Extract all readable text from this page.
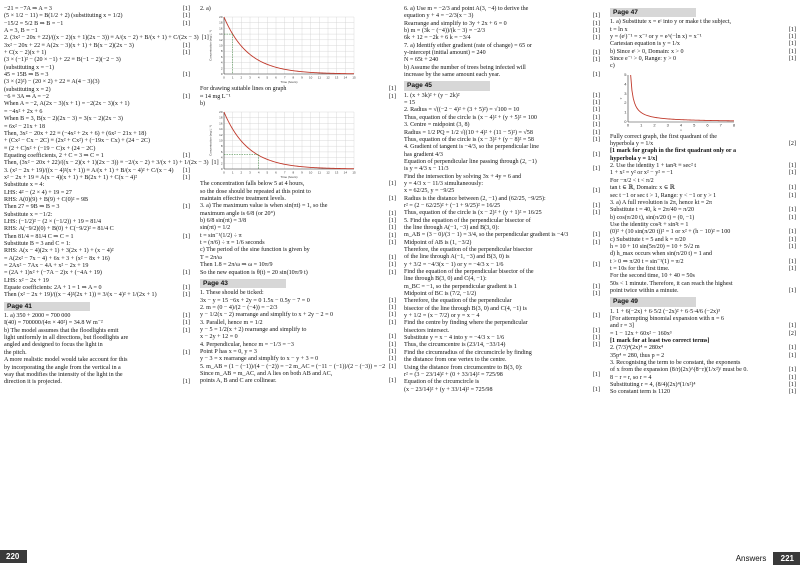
−21 = −7A ⇒ A = 3	[1]
(5 × 1/2 − 11) = B(1/2 + 2) (substituting x = 1/2)	[1]
−15/2 = 5/2 B ⇒ B = −1	[1]
A = 3, B = −1
2. (3x² − 20x + 22)/((x − 2)(x + 1)(2x − 3)) ≡ A/(x − 2) + B/(x + 1) + C/(2x − 3) [1]
3x² − 20x + 22 ≡ A(2x − 3)(x + 1) + B(x − 2)(2x − 3)	[1]
+ C(x − 2)(x + 1)	[1]
(3 × (−1)² − (20 × −1) + 22 ≡ B(−1 − 2)(−2 − 3)
(substituting x = −1)
45 = 15B ⇒ B = 3	[1]
(3 × (2)²) − (20 × 2) + 22 ≡ A(4 − 3)(3)
(substituting x = 2)
−6 ≡ 3A ⇒ A = −2	[1]
When A = −2, A(2x − 3)(x + 1) = −2(2x − 3)(x + 1)
= −4x² + 2x + 6
When B = 3, B(x − 2)(2x − 3) = 3(x − 2)(2x − 3)
= 6x² − 21x + 18
Then, 3x² − 20x + 22 ≡ (−4x² + 2x + 6) + (6x² − 21x + 18)
+ (Cx² − Cx − 2C) ≡ (2x² + Cx²) + (−19x − Cx) + (24 − 2C)
≡ (2 + C)x² + (−19 − C)x + (24 − 2C)
Equating coefficients, 2 + C = 3 ⇒ C = 1	[1]
Then, (3x² − 20x + 22)/((x − 2)(x + 1)(2x − 3)) ≡ −2/(x − 2) + 3/(x + 1) + 1/(2x − 3) [1]
3. (x² − 2x + 19)/((x − 4)²(x + 1)) ≡ A/(x + 1) + B/(x − 4)² + C/(x − 4)	[1]
x² − 2x + 19 ≡ A(x − 4)(x + 1) + B(2x + 1) + C(x − 4)²	[1]
Substitute x = 4:
LHS: 4² − (2 × 4) + 19 = 27
RHS: A(0)(9) + B(9) + C(0)² = 9B
Then 27 = 9B ⇒ B = 3	[1]
Substitute x = −1/2:
LHS: (−1/2)² − (2 × (−1/2)) + 19 = 81/4
RHS: A(−9/2)(0) + B(0) + C(−9/2)² = 81/4 C
Then 81/4 = 81/4 C ⇒ C = 1	[1]
Substitute B = 3 and C = 1:
RHS: A(x − 4)(2x + 1) + 3(2x + 1) + (x − 4)²
= A(2x² − 7x − 4) + 6x + 3 + (x² − 8x + 16)
= 2Ax² − 7Ax − 4A + x² − 2x + 19
= (2A + 1)x² + (−7A − 2)x + (−4A + 19)	[1]
LHS: x² − 2x + 19
Equate coefficients: 2A + 1 = 1 ⇒ A = 0	[1]
Then (x² − 2x + 19)/((x − 4)²(2x + 1)) ≡ 3/(x − 4)² + 1/(2x + 1)	[1]
Page 41
1. a) 350 + 2000 = 700 000	[1]
I(40) = 700000/(4π × 40²) = 34.8 W m⁻²	[1]
b) The model assumes that the floodlights emit	[1]
light uniformly in all directions, but floodlights are
angled and designed to focus the light in
the pitch.	[1]
A more realistic model would take account for this
by incorporating the angle from the vertical in a
way that modifies the intensity of the light in the
direction it is projected.	[1]
2. a)
0 1 2 3 4 5 6 7 8 9 10 11 12 13 14 15
0
2
4
6
8
10
12
14
16
18
20
Time (hours)
Concentration (mg L⁻¹)
For drawing suitable lines on graph	[1]
≈ 14 mg L⁻¹	[1]
b)
0 1 2 3 4 5 6 7 8 9 10 11 12 13 14 15
0
2
4
6
8
10
12
14
16
18
20
Time (hours)
Concentration (mg L⁻¹)
The concentration falls below 5 at 4 hours,	[1]
so the dose should be repeated at this point to
maintain effective treatment levels.	[1]
3. a) The maximum value is when sin(πt) = 1, so the
maximum angle is 6/8 (or 20°)	[1]
b) 6/8 sin(πt) = 3/8	[1]
sin(πt) = 1/2	[1]
t = sin⁻¹(1/2) ÷ π	[1]
t = (π/6) ÷ π = 1/6 seconds	[1]
c) The period of the sine function is given by
T = 2π/ω	[1]
Then 1.8 = 2π/ω ⇒ ω = 10π/9	[1]
So the new equation is θ(t) = 20 sin(10π/9 t)	[1]
Page 43
1. These should be ticked:
3x − y = 15 −6x + 2y = 0 1.5x − 0.5y − 7 = 0	[1]
2. m = (0 − 4)/(2 − (−4)) = −2/3	[1]
y − 1/2(x − 2) rearrange and simplify to x + 2y − 2 = 0	[1]
3. Parallel, hence m = 1/2	[1]
y − 5 = 1/2(x + 2) rearrange and simplify to
x − 2y + 12 = 0	[1]
4. Perpendicular, hence m = −1/3 = −3	[1]
Point P has x = 0, y = 3	[1]
y − 3 = x rearrange and simplify to x − y + 3 = 0	[1]
5. m_AB = (1 − (−1))/(4 − (−2)) = −2 m_AC = (−11 − (−1))/(2 − (−3)) = −2 [1]
Since m_AB = m_AC, and A lies on both AB and AC,
points A, B and C are collinear.	[1]
6. a) Use m = −2/3 and point A(3, −4) to derive the
equation y + 4 = −2/3(x − 3)	[1]
Rearrange and simplify to 3y + 2x + 6 = 0	[1]
b) m = (3k − (−4))/(k − 3) = −2/3	[1]
6k + 12 = −2k + 6 k = −3/4	[1]
7. a) Identify either gradient (rate of change) = 65 or
y-intercept (initial amount) = 240	[1]
N = 65t + 240	[1]
b) Assume the number of trees being infected will
increase by the same amount each year.	[1]
Page 45
1. (x + 3k)² + (y − 2k)²	[1]
= 15	[1]
2. Radius = √((−2 − 4)² + (3 + 5)²) = √100 = 10	[1]
Thus, equation of the circle is (x − 4)² + (y + 5)² = 100	[1]
3. Centre = midpoint (3, 8)	[1]
Radius = 1/2 PQ = 1/2 √((10 + 4)² + (11 − 5)²) = √58	[1]
Thus, equation of the circle is (x − 3)² + (y − 8)² = 58	[1]
4. Gradient of tangent is −4/3, so the perpendicular line
has gradient 4/3	[1]
Equation of perpendicular line passing through (2, −1)
is y = 4/3 x − 11/3	[1]
Find the intersection by solving 3x + 4y = 6 and
y = 4/3 x − 11/3 simultaneously:
x = 62/25, y = −9/25	[1]
Radius is the distance between (2, −1) and (62/25, −9/25):
r² = (2 − 62/25)² + (−1 + 9/25)² = 16/25	[1]
Thus, equation of the circle is (x − 2)² + (y + 1)² = 16/25	[1]
5. Find the equation of the perpendicular bisector of
the line through A(−1, −3) and B(3, 0):
m_AB = (3 − 0)/(3 − 1) = 3/4, so the perpendicular gradient is −4/3	[1]
Midpoint of AB is (1, −3/2)	[1]
Therefore, the equation of the perpendicular bisector
of the line through A(−1, −3) and B(3, 0) is
y + 3/2 = −4/3(x − 1) or y = −4/3 x − 1/6	[1]
Find the equation of the perpendicular bisector of the
line through B(3, 0) and C(4, −1):
m_BC = −1, so the perpendicular gradient is 1	[1]
Midpoint of BC is (7/2, −1/2)	[1]
Therefore, the equation of the perpendicular
bisector of the line through B(3, 0) and C(4, −1) is
y + 1/2 = (x − 7/2) or y = x − 4	[1]
Find the centre by finding where the perpendicular
bisectors intersect.	[1]
Substitute y = x − 4 into y = −4/3 x − 1/6	[1]
Thus, the circumcentre is (23/14, −33/14)	[1]
Find the circumradius of the circumcircle by finding
the distance from one vertex to the centre.
Using the distance from circumcentre to B(3, 0):
r² = (3 − 23/14)² + (0 + 33/14)² = 725/98	[1]
Equation of the circumcircle is
(x − 23/14)² + (y + 33/14)² = 725/98	[1]
Page 47
1. a) Substitute x = eᵗ into y or make t the subject,
t = ln x	[1]
y = (eᵗ)⁻¹ = x⁻¹ or y = e^(−ln x) = x⁻¹	[1]
Cartesian equation is y = 1/x	[1]
b) Since eᵗ > 0, Domain: x > 0	[1]
Since e⁻ᵗ > 0, Range: y > 0	[1]
c)
0	1	2	3	4	5	6	7	8
0
1
2
3
4
5
x
y
Fully correct graph, the first quadrant of the
hyperbola y = 1/x	[2]
[1 mark for graph in the first quadrant only or a
hyperbola y = 1/x]
2. Use the identity 1 + tan²t ≡ sec² t	[1]
1 + x² = y² or x² − y² = −1	[1]
For −π/2 < t < π/2
tan t ∈ ℝ, Domain: x ∈ ℝ	[1]
sec t −1 or sec t > 1, Range: y < −1 or y > 1	[1]
3. a) A full revolution is 2π, hence kt = 2π
Substitute t = 40, k = 2π/40 = π/20	[1]
b) cos(π/20 t), sin(π/20 t) = (0, −1)	[1]
Use the identity cos²t + sin²t = 1
(0)² + (10 sin(π/20 t))² = 1 or x² + (h − 10)² = 100	[1]
c) Substitute t = 5 and k = π/20	[1]
h = 10 + 10 sin(5π/20) = 10 + 5√2 m	[1]
d) h_max occurs when sin(π/20 t) = 1 and
t > 0 ⇒ π/20 t = sin⁻¹(1) = π/2	[1]
t = 10s for the first time.	[1]
For the second time, 10 + 40 = 50s
50s < 1 minute. Therefore, it can reach the highest
point twice within a minute.	[1]
Page 49
1. 1 + 6(−2x) + 6·5/2 (−2x)² + 6·5·4/6 (−2x)³
[For attempting binomial expansion with n = 6
and r = 3]	[1]
= 1 − 12x + 60x² − 160x³	[2]
[1 mark for at least two correct terms]
2. (7/3)⁴(2x)⁴ = 280x⁴	[1]
35p⁴ = 280, thus p = 2	[1]
3. Recognising the term to be constant, the exponents
of x from the expansion (8/r)(2x)^(8−r)(1/x²)ʳ must be 0.	[1]
8 − r = r, so r = 4	[1]
Substituting r = 4, (8/4)(2x)⁴(1/x²)⁴	[1]
So constant term is 1120	[1]
220	Answers 221
